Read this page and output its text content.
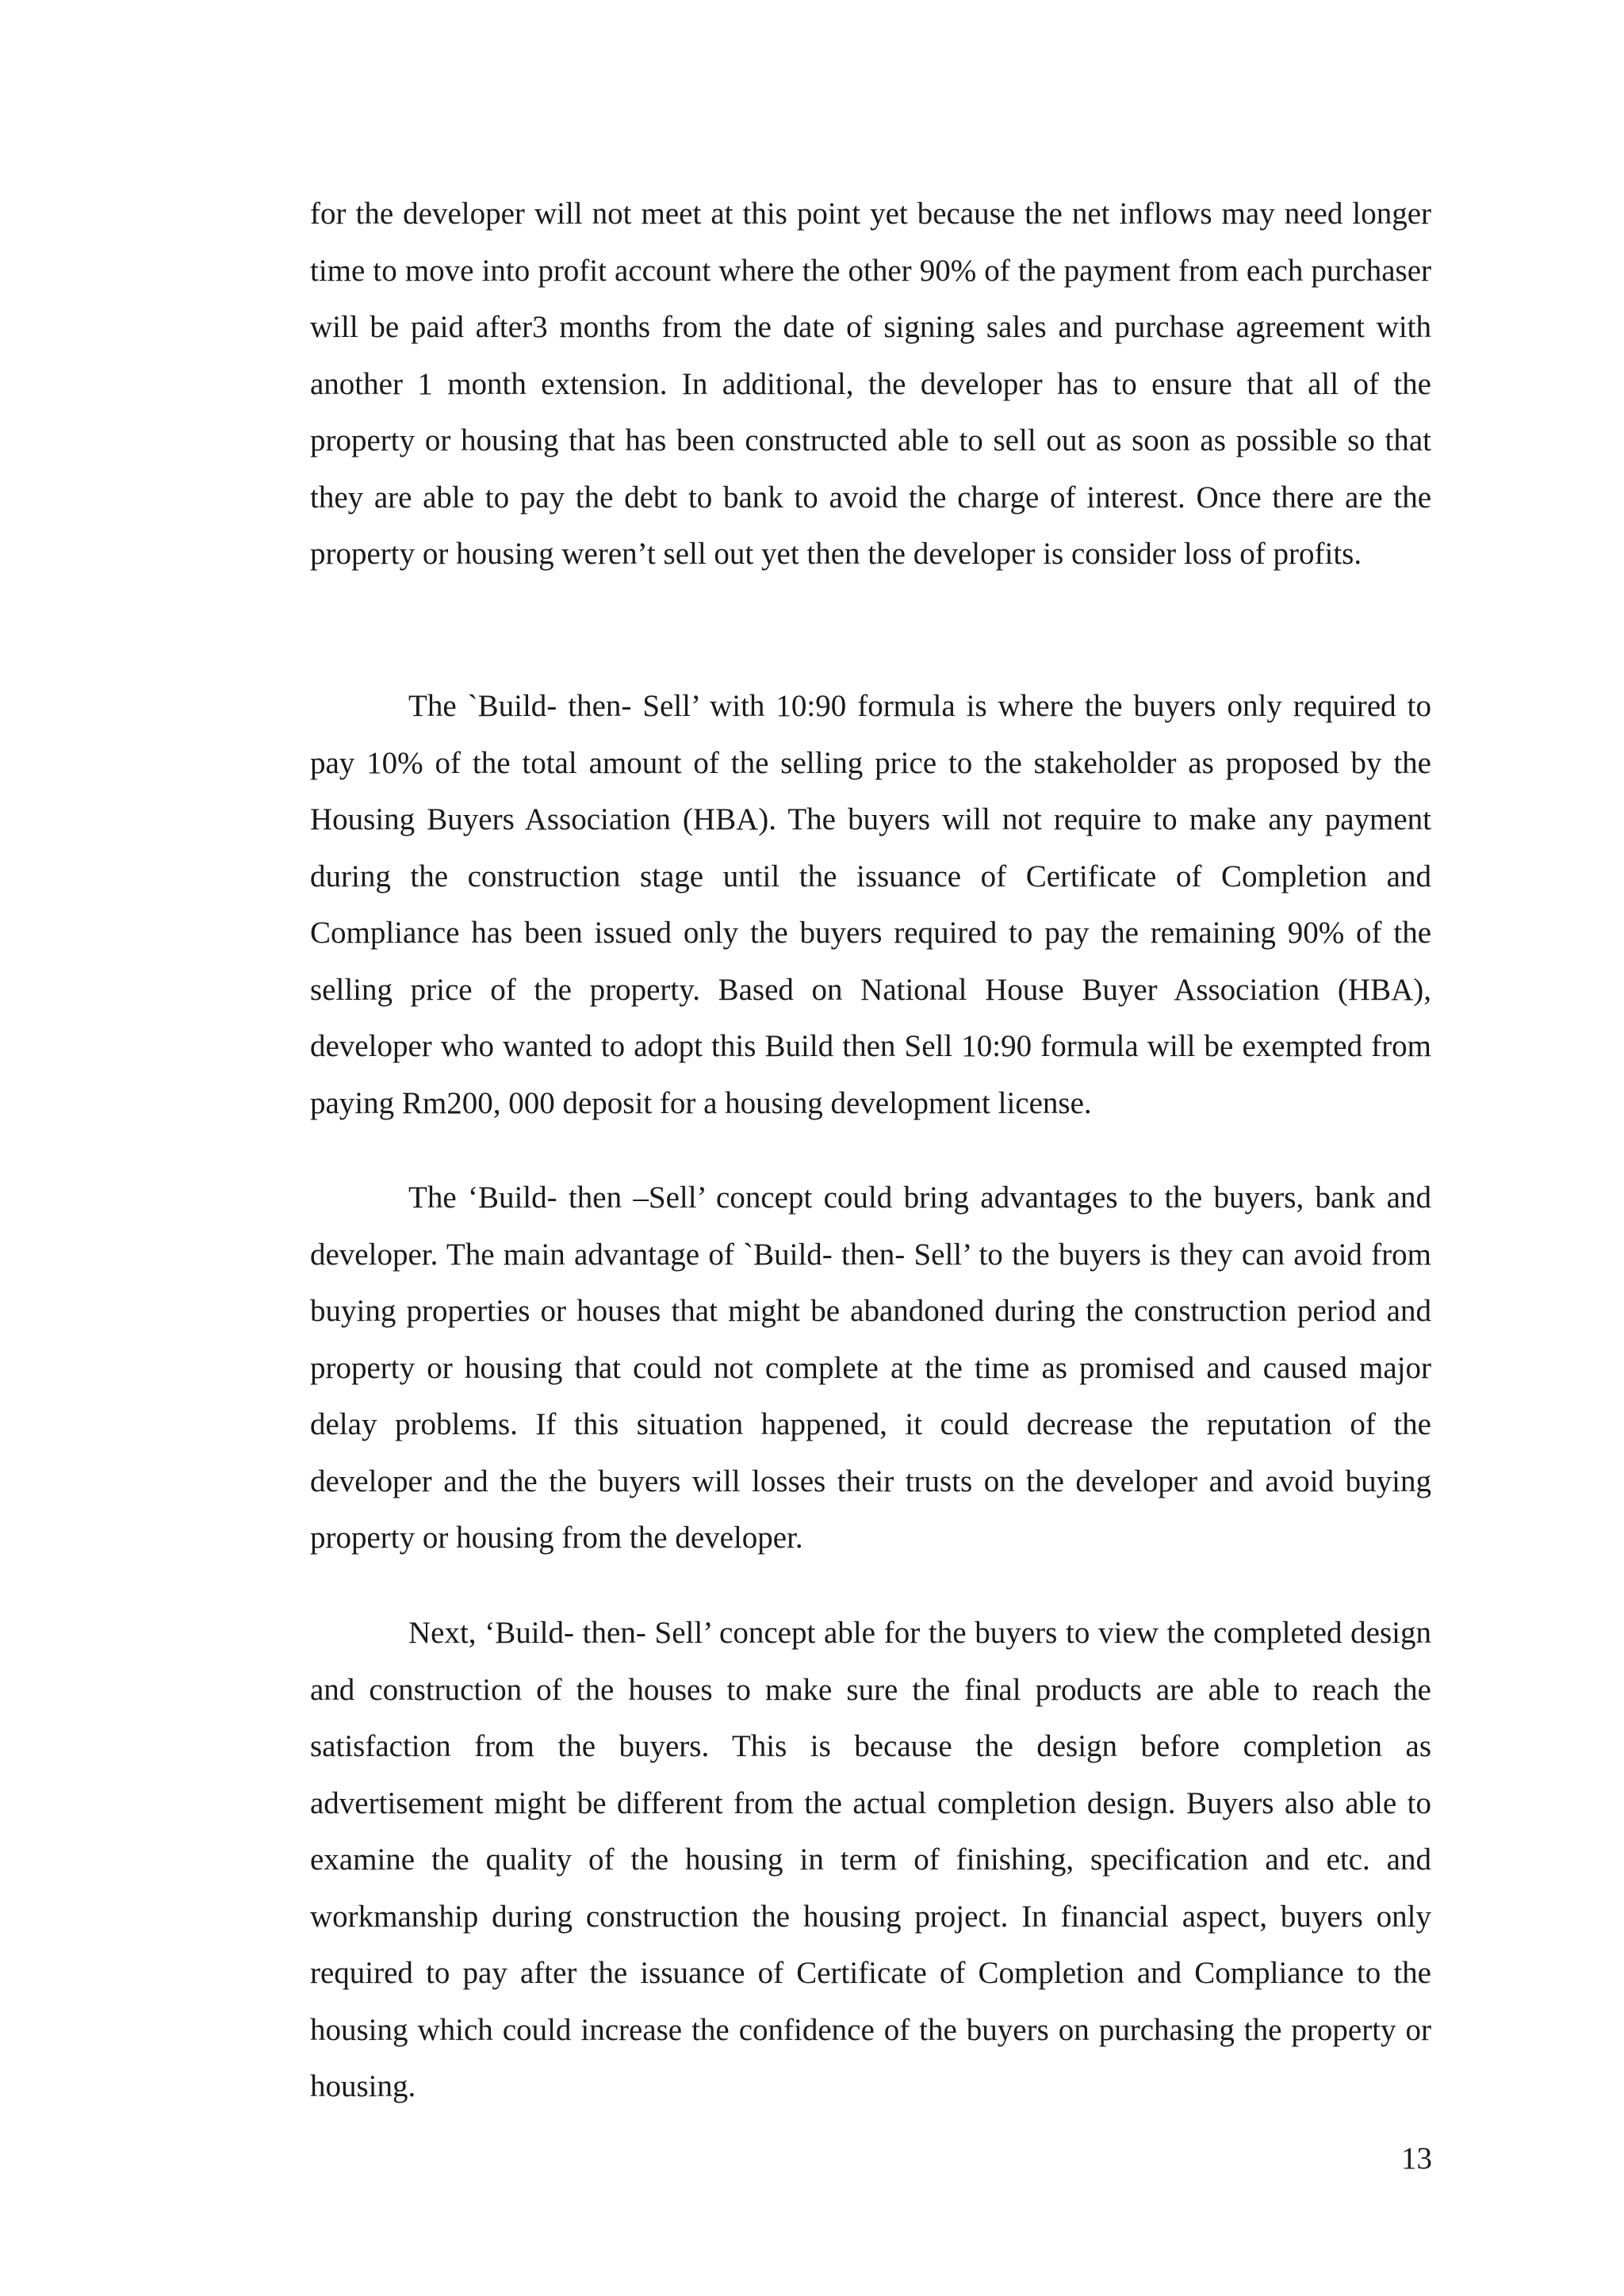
for the developer will not meet at this point yet because the net inflows may need longer time to move into profit account where the other 90% of the payment from each purchaser will be paid after3 months from the date of signing sales and purchase agreement with another 1 month extension. In additional, the developer has to ensure that all of the property or housing that has been constructed able to sell out as soon as possible so that they are able to pay the debt to bank to avoid the charge of interest. Once there are the property or housing weren’t sell out yet then the developer is consider loss of profits.

The `Build- then- Sell’ with 10:90 formula is where the buyers only required to pay 10% of the total amount of the selling price to the stakeholder as proposed by the Housing Buyers Association (HBA). The buyers will not require to make any payment during the construction stage until the issuance of Certificate of Completion and Compliance has been issued only the buyers required to pay the remaining 90% of the selling price of the property. Based on National House Buyer Association (HBA), developer who wanted to adopt this Build then Sell 10:90 formula will be exempted from paying Rm200, 000 deposit for a housing development license.

The ‘Build- then –Sell’ concept could bring advantages to the buyers, bank and developer. The main advantage of `Build- then- Sell’ to the buyers is they can avoid from buying properties or houses that might be abandoned during the construction period and property or housing that could not complete at the time as promised and caused major delay problems. If this situation happened, it could decrease the reputation of the developer and the the buyers will losses their trusts on the developer and avoid buying property or housing from the developer.

Next, ‘Build- then- Sell’ concept able for the buyers to view the completed design and construction of the houses to make sure the final products are able to reach the satisfaction from the buyers. This is because the design before completion as advertisement might be different from the actual completion design. Buyers also able to examine the quality of the housing in term of finishing, specification and etc. and workmanship during construction the housing project. In financial aspect, buyers only required to pay after the issuance of Certificate of Completion and Compliance to the housing which could increase the confidence of the buyers on purchasing the property or housing.

13
